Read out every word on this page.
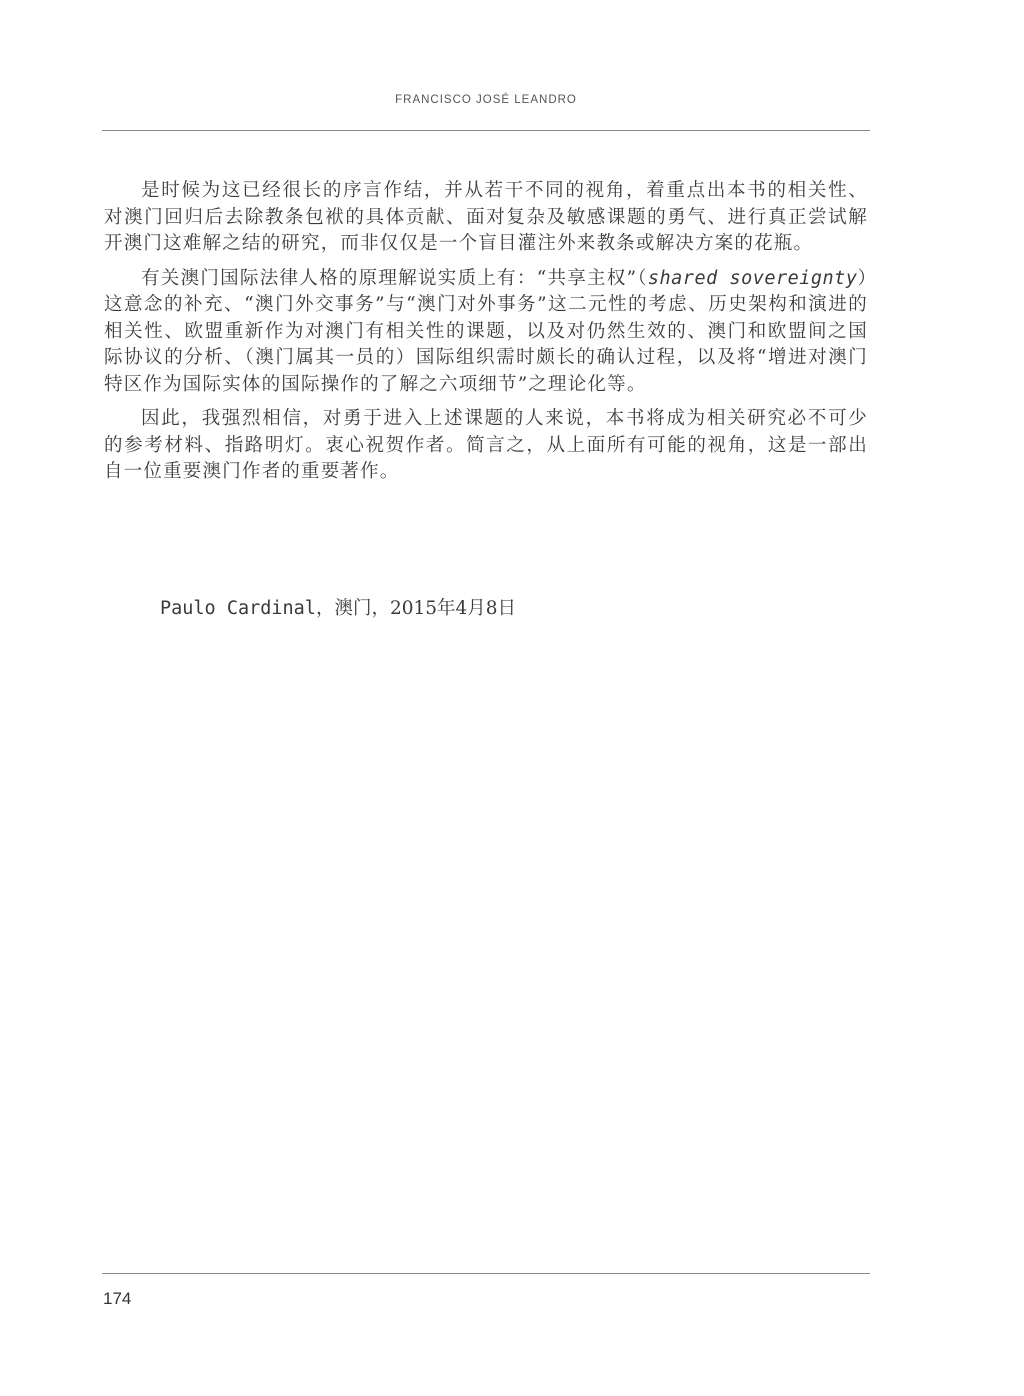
FRANCISCO JOSÉ LEANDRO

是时候为这已经很长的序言作结，并从若干不同的视角，着重点出本书的相关性、对澳门回归后去除教条包袱的具体贡献、面对复杂及敏感课题的勇气、进行真正尝试解开澳门这难解之结的研究，而非仅仅是一个盲目灌注外来教条或解决方案的花瓶。

有关澳门国际法律人格的原理解说实质上有：“共享主权”（shared sovereignty）这意念的补充、“澳门外交事务”与“澳门对外事务”这二元性的考虑、历史架构和演进的相关性、欧盟重新作为对澳门有相关性的课题，以及对仍然生效的、澳门和欧盟间之国际协议的分析、（澳门属其一员的）国际组织需时颇长的确认过程，以及将“增进对澳门特区作为国际实体的国际操作的了解之六项细节”之理论化等。

因此，我强烈相信，对勇于进入上述课题的人来说，本书将成为相关研究必不可少的参考材料、指路明灯。衷心祝贺作者。简言之，从上面所有可能的视角，这是一部出自一位重要澳门作者的重要著作。

Paulo Cardinal，澳门，2015年4月8日
174
